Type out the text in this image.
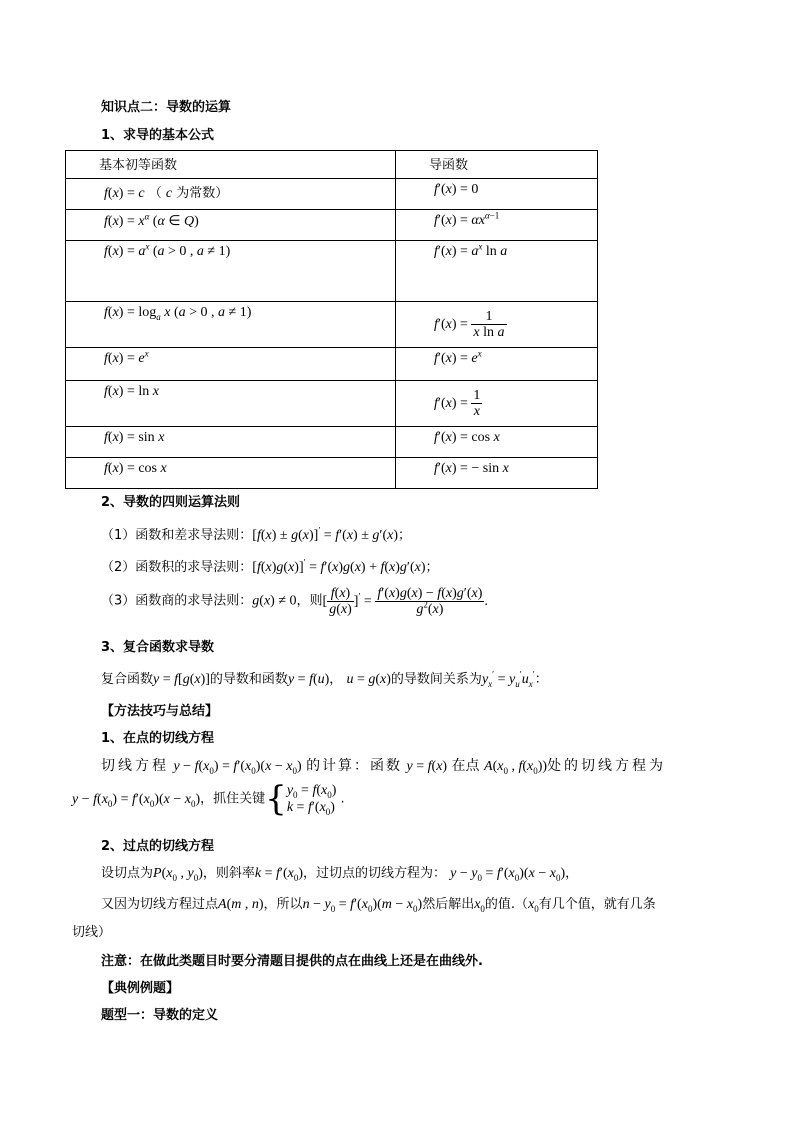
知识点二：导数的运算
1、求导的基本公式
基本初等函数	导函数
f(x) = c （ c 为常数）	f′(x) = 0
$f(x) = x^\alpha$ (α ∈ Q)	$f'(x) = \alpha x^{\alpha-1}$
$f(x) = a^x$ (a > 0 , a ≠ 1)	$f'(x) = a^x$ ln a
$f(x) = \log_a x$ (a > 0 , a ≠ 1)	$f'(x) = \frac{1}{\text{x ln a}}$

$f(x) = e^x$	$f'(x) = e^x$
f(x) = ln x	$f'(x) = \frac{1}{x}$

f(x) = sin x	f′(x) = cos x
f(x) = cos x	f′(x) = − sin x
2、导数的四则运算法则
（1）函数和差求导法则：[f(x) ± g(x)]′ = f′(x) ± g′(x)；
（2）函数积的求导法则：[f(x)g(x)]′ = f′(x)g(x) + f(x)g′(x)；
（3）函数商的求导法则：g(x) ≠ 0，则[ $\frac{f(x)}{g(x)} ]' = \frac{f'(x)g(x) - f(x)g'(x)}{g^2(x)}$ .
3、复合函数求导数
复合函数y = f[g(x)]的导数和函数y = f(u)， u = g(x)的导数间关系为$y_x' = y_u'u_x'$：
【方法技巧与总结】
1、在点的切线方程
切线方程 $y - f(x_0) = f'(x_0)(x - x_0)$ 的计算：函数 y = f(x) 在点 $A(x_0$ , $f(x_0)$)处的切线方程为
$y - f(x_0) = f'(x_0)(x - x_0)$，抓住关键{ $y_0 = f(x_0)$
$k = f'(x_0)$
.
2、过点的切线方程
设切点为$P(x_0$ , $y_0$)，则斜率$k = f'(x_0)$，过切点的切线方程为： $y - y_0 = f'(x_0)(x - x_0)$，
又因为切线方程过点A(m , n)，所以$n - y_0 = f'(x_0)(m - x_0)$然后解出$x_0$的值$.(x_0$有几个值，就有几条
切线）
注意：在做此类题目时要分清题目提供的点在曲线上还是在曲线外.
【典例例题】
题型一：导数的定义
